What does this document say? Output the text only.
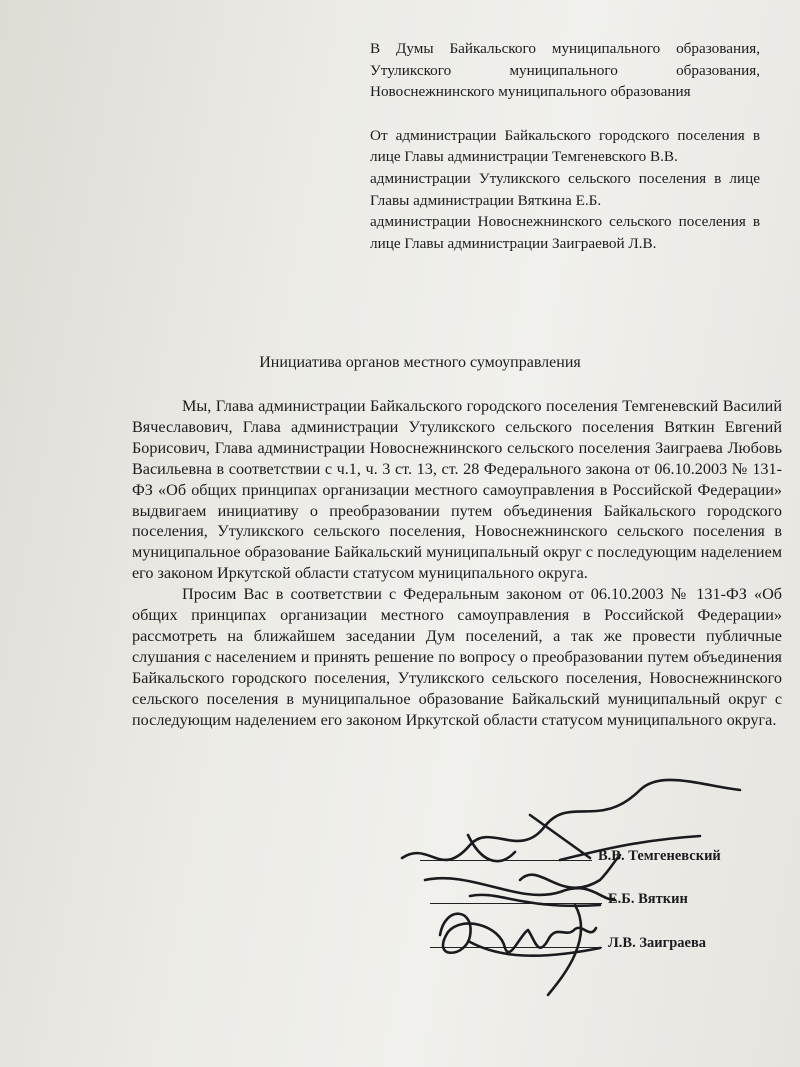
В Думы Байкальского муниципального образования, Утуликского муниципального образования, Новоснежнинского муниципального образования

От администрации Байкальского городского поселения в лице Главы администрации Темгеневского В.В.

администрации Утуликского сельского поселения в лице Главы администрации Вяткина Е.Б.

администрации Новоснежнинского сельского поселения в лице Главы администрации Заиграевой Л.В.

Инициатива органов местного сумоуправления

Мы, Глава администрации Байкальского городского поселения Темгеневский Василий Вячеславович, Глава администрации Утуликского сельского поселения Вяткин Евгений Борисович, Глава администрации Новоснежнинского сельского поселения Заиграева Любовь Васильевна в соответствии с ч.1, ч. 3 ст. 13, ст. 28 Федерального закона от 06.10.2003 № 131-ФЗ «Об общих принципах организации местного самоуправления в Российской Федерации» выдвигаем инициативу о преобразовании путем объединения Байкальского городского поселения, Утуликского сельского поселения, Новоснежнинского сельского поселения в муниципальное образование Байкальский муниципальный округ с последующим наделением его законом Иркутской области статусом муниципального округа.

Просим Вас в соответствии с Федеральным законом от 06.10.2003 № 131-ФЗ «Об общих принципах организации местного самоуправления в Российской Федерации» рассмотреть на ближайшем заседании Дум поселений, а так же провести публичные слушания с населением и принять решение по вопросу о преобразовании путем объединения Байкальского городского поселения, Утуликского сельского поселения, Новоснежнинского сельского поселения в муниципальное образование Байкальский муниципальный округ с последующим наделением его законом Иркутской области статусом муниципального округа.

В.В. Темгеневский
Е.Б. Вяткин
Л.В. Заиграева
